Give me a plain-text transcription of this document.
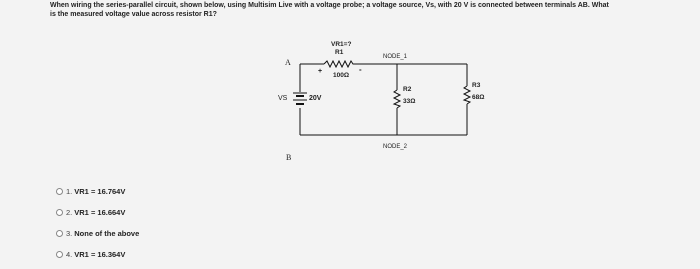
When wiring the series-parallel circuit, shown below, using Multisim Live with a voltage probe; a voltage source, Vs, with 20 V is connected between terminals AB. What
is the measured voltage value across resistor R1?
A
B
VS	20V
VR1=?
R1
100Ω
+	-
NODE_1
NODE_2
R2
33Ω
R3
68Ω
1. VR1 = 16.764V
2. VR1 = 16.664V
3. None of the above
4. VR1 = 16.364V
